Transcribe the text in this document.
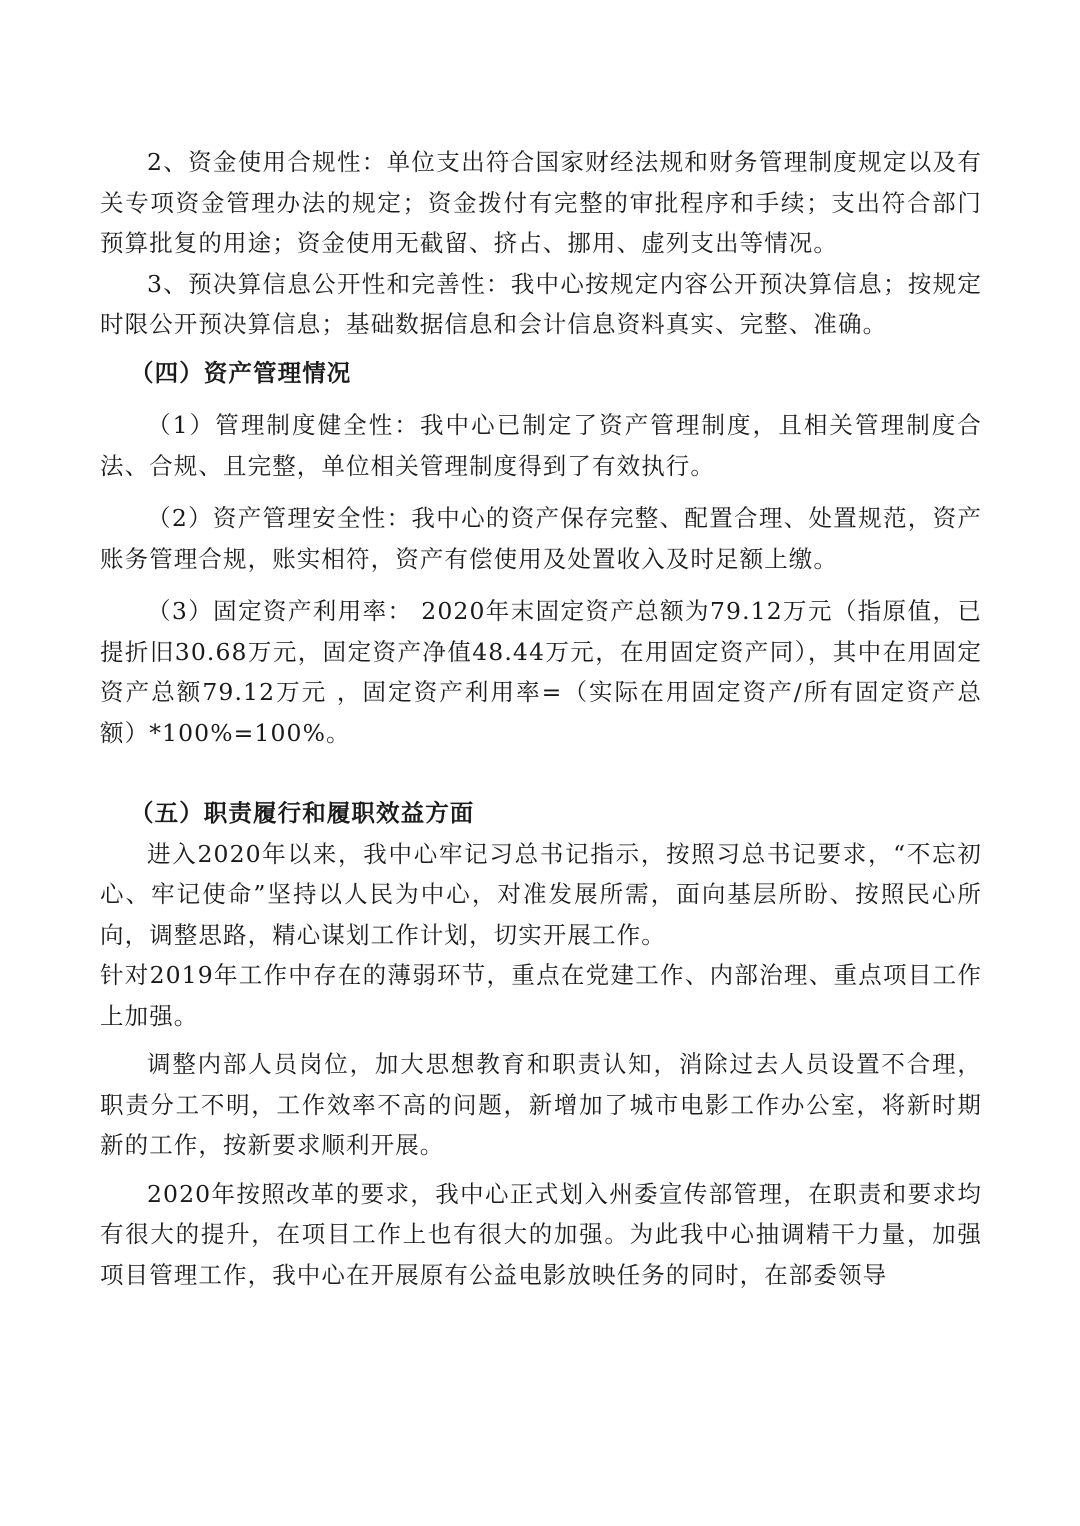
2、资金使用合规性：单位支出符合国家财经法规和财务管理制度规定以及有关专项资金管理办法的规定；资金拨付有完整的审批程序和手续；支出符合部门预算批复的用途；资金使用无截留、挤占、挪用、虚列支出等情况。

3、预决算信息公开性和完善性：我中心按规定内容公开预决算信息；按规定时限公开预决算信息；基础数据信息和会计信息资料真实、完整、准确。

（四）资产管理情况

（1）管理制度健全性：我中心已制定了资产管理制度，且相关管理制度合法、合规、且完整，单位相关管理制度得到了有效执行。

（2）资产管理安全性：我中心的资产保存完整、配置合理、处置规范，资产账务管理合规，账实相符，资产有偿使用及处置收入及时足额上缴。

（3）固定资产利用率： 2020年末固定资产总额为79.12万元（指原值，已提折旧30.68万元，固定资产净值48.44万元，在用固定资产同），其中在用固定资产总额79.12万元 ，固定资产利用率=（实际在用固定资产/所有固定资产总额）*100%=100%。

（五）职责履行和履职效益方面

进入2020年以来，我中心牢记习总书记指示，按照习总书记要求，“不忘初心、牢记使命”坚持以人民为中心，对准发展所需，面向基层所盼、按照民心所向，调整思路，精心谋划工作计划，切实开展工作。

针对2019年工作中存在的薄弱环节，重点在党建工作、内部治理、重点项目工作上加强。

调整内部人员岗位，加大思想教育和职责认知，消除过去人员设置不合理，职责分工不明，工作效率不高的问题，新增加了城市电影工作办公室，将新时期新的工作，按新要求顺利开展。

2020年按照改革的要求，我中心正式划入州委宣传部管理，在职责和要求均有很大的提升，在项目工作上也有很大的加强。为此我中心抽调精干力量，加强项目管理工作，我中心在开展原有公益电影放映任务的同时，在部委领导
